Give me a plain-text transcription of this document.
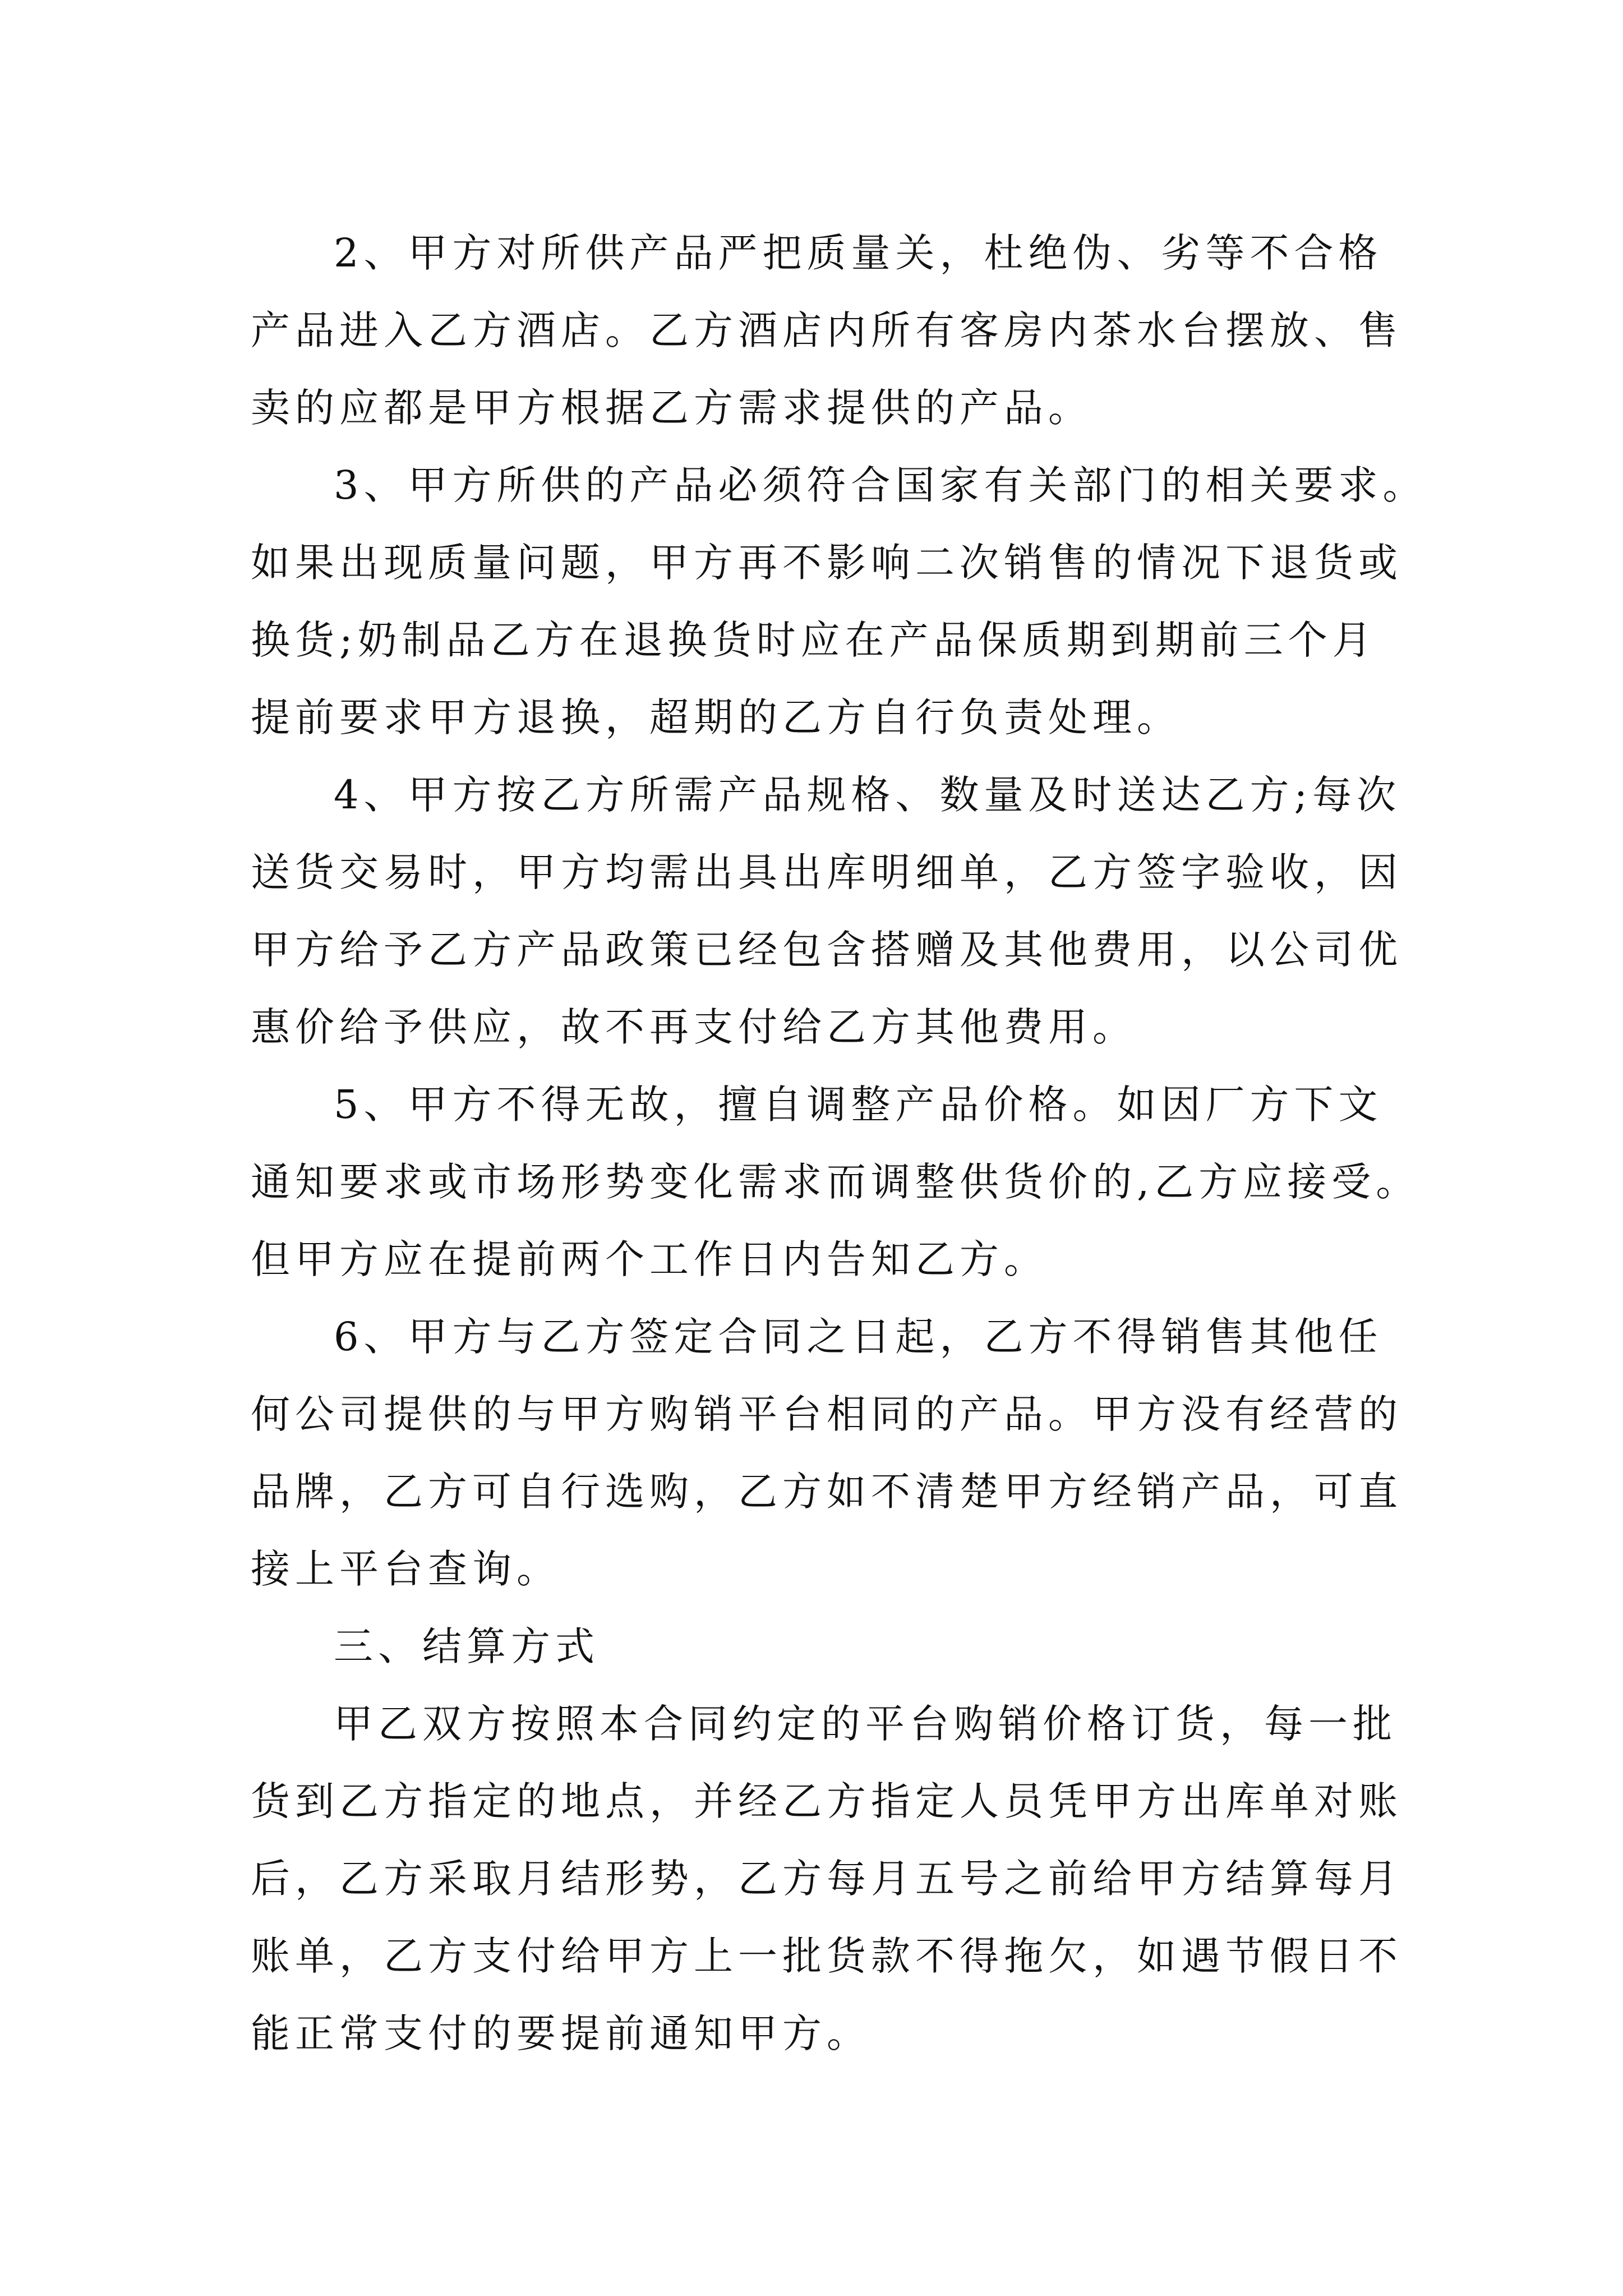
2、甲方对所供产品严把质量关，杜绝伪、劣等不合格
产品进入乙方酒店。乙方酒店内所有客房内茶水台摆放、售
卖的应都是甲方根据乙方需求提供的产品。
3、甲方所供的产品必须符合国家有关部门的相关要求。
如果出现质量问题，甲方再不影响二次销售的情况下退货或
换货;奶制品乙方在退换货时应在产品保质期到期前三个月
提前要求甲方退换，超期的乙方自行负责处理。
4、甲方按乙方所需产品规格、数量及时送达乙方;每次
送货交易时，甲方均需出具出库明细单，乙方签字验收，因
甲方给予乙方产品政策已经包含搭赠及其他费用，以公司优
惠价给予供应，故不再支付给乙方其他费用。
5、甲方不得无故，擅自调整产品价格。如因厂方下文
通知要求或市场形势变化需求而调整供货价的,乙方应接受。
但甲方应在提前两个工作日内告知乙方。
6、甲方与乙方签定合同之日起，乙方不得销售其他任
何公司提供的与甲方购销平台相同的产品。甲方没有经营的
品牌，乙方可自行选购，乙方如不清楚甲方经销产品，可直
接上平台查询。
三、结算方式
甲乙双方按照本合同约定的平台购销价格订货，每一批
货到乙方指定的地点，并经乙方指定人员凭甲方出库单对账
后，乙方采取月结形势，乙方每月五号之前给甲方结算每月
账单，乙方支付给甲方上一批货款不得拖欠，如遇节假日不
能正常支付的要提前通知甲方。
